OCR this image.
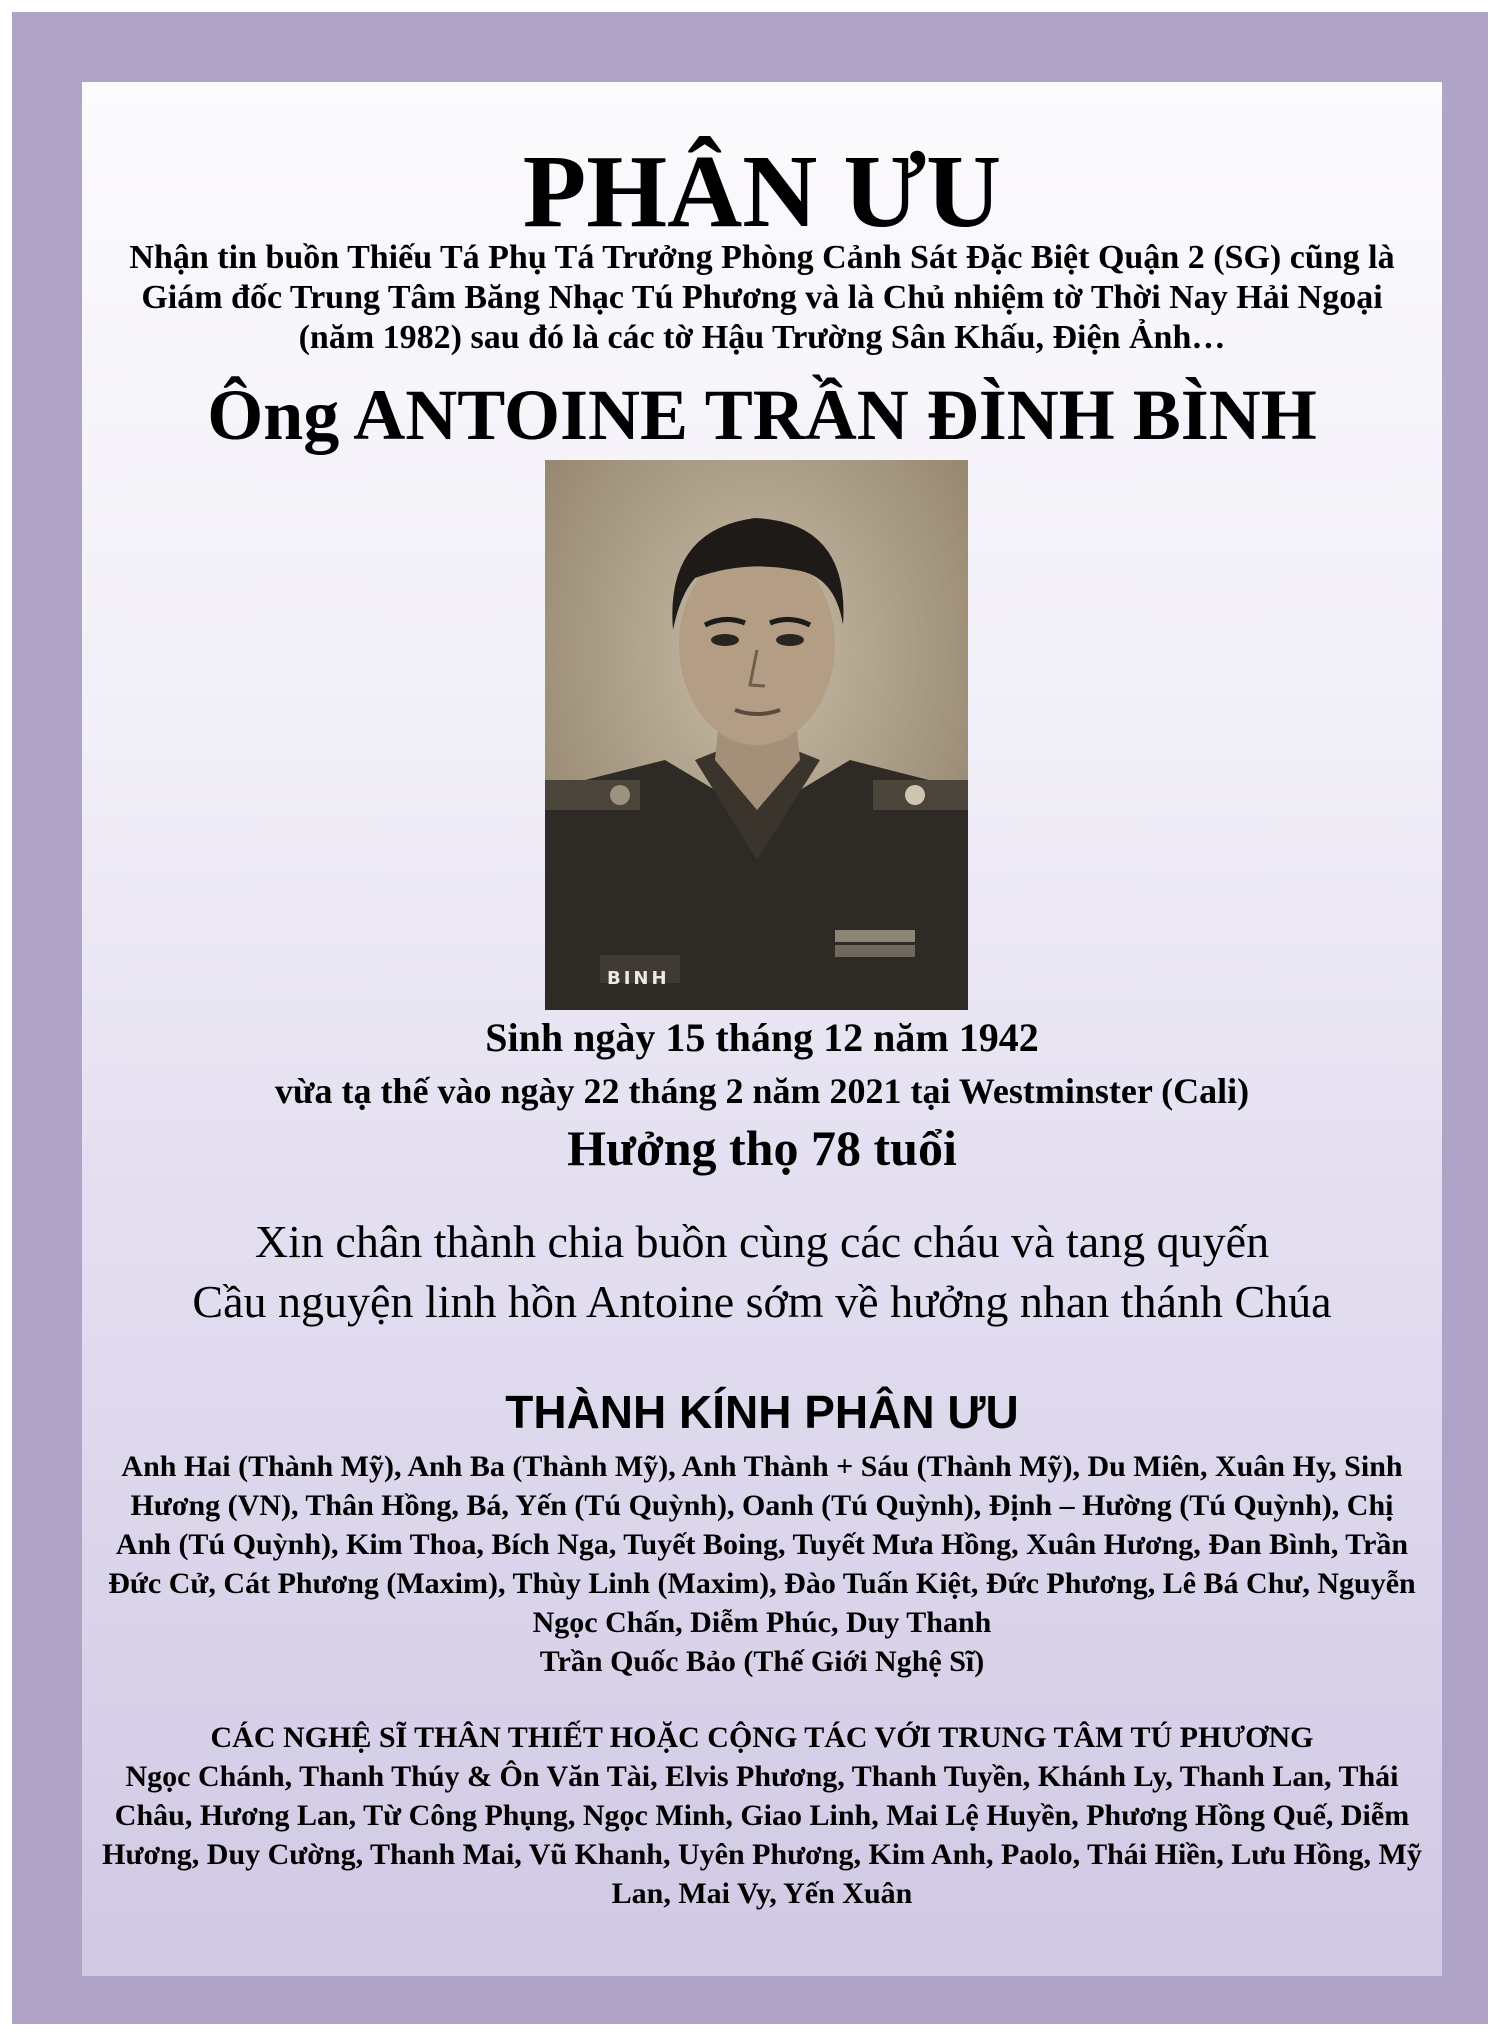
PHÂN ƯU
Nhận tin buồn Thiếu Tá Phụ Tá Trưởng Phòng Cảnh Sát Đặc Biệt Quận 2 (SG) cũng là Giám đốc Trung Tâm Băng Nhạc Tú Phương và là Chủ nhiệm tờ Thời Nay Hải Ngoại (năm 1982) sau đó là các tờ Hậu Trường Sân Khấu, Điện Ảnh…
Ông ANTOINE TRẦN ĐÌNH BÌNH
BINH
Sinh ngày 15 tháng 12 năm 1942
vừa tạ thế vào ngày 22 tháng 2 năm 2021 tại Westminster (Cali)
Hưởng thọ 78 tuổi
Xin chân thành chia buồn cùng các cháu và tang quyến
Cầu nguyện linh hồn Antoine sớm về hưởng nhan thánh Chúa
THÀNH KÍNH PHÂN ƯU
Anh Hai (Thành Mỹ), Anh Ba (Thành Mỹ), Anh Thành + Sáu (Thành Mỹ), Du Miên, Xuân Hy, Sinh Hương (VN), Thân Hồng, Bá, Yến (Tú Quỳnh), Oanh (Tú Quỳnh), Định – Hường (Tú Quỳnh), Chị Anh (Tú Quỳnh), Kim Thoa, Bích Nga, Tuyết Boing, Tuyết Mưa Hồng, Xuân Hương, Đan Bình, Trần Đức Cử, Cát Phương (Maxim), Thùy Linh (Maxim), Đào Tuấn Kiệt, Đức Phương, Lê Bá Chư, Nguyễn Ngọc Chấn, Diễm Phúc, Duy Thanh
Trần Quốc Bảo (Thế Giới Nghệ Sĩ)
CÁC NGHỆ SĨ THÂN THIẾT HOẶC CỘNG TÁC VỚI TRUNG TÂM TÚ PHƯƠNG
Ngọc Chánh, Thanh Thúy & Ôn Văn Tài, Elvis Phương, Thanh Tuyền, Khánh Ly, Thanh Lan, Thái Châu, Hương Lan, Từ Công Phụng, Ngọc Minh, Giao Linh, Mai Lệ Huyền, Phương Hồng Quế, Diễm Hương, Duy Cường, Thanh Mai, Vũ Khanh, Uyên Phương, Kim Anh, Paolo, Thái Hiền, Lưu Hồng, Mỹ Lan, Mai Vy, Yến Xuân
